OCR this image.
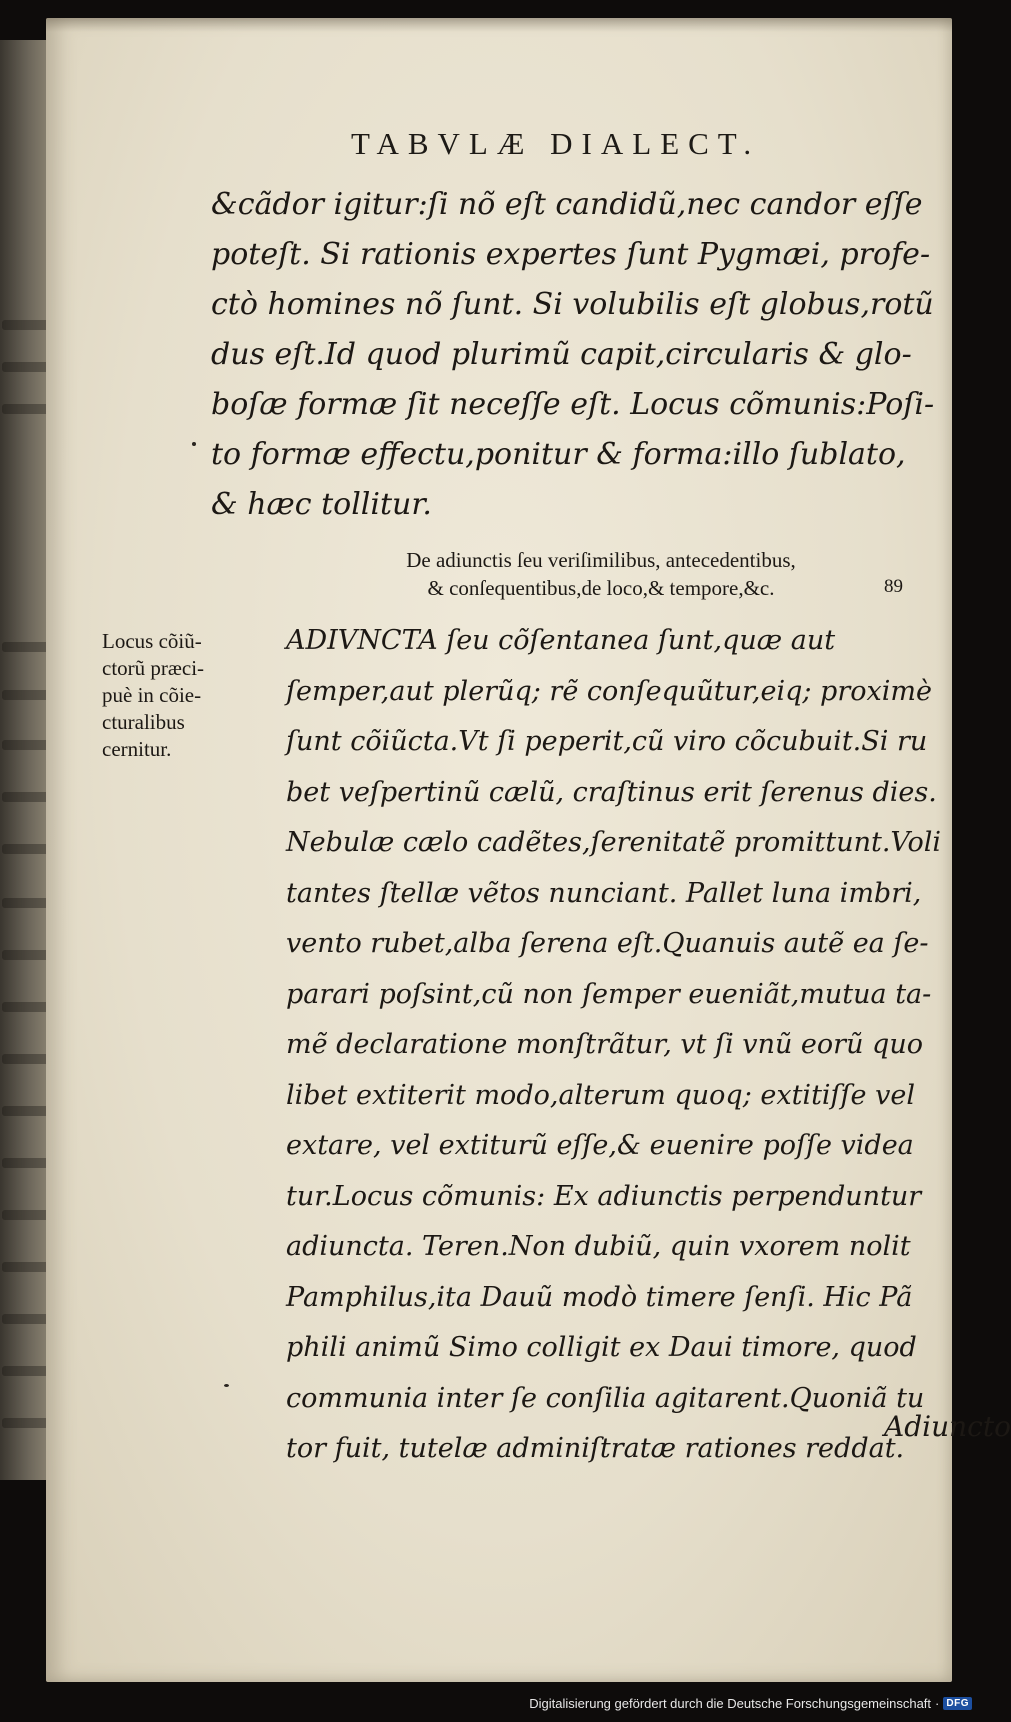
TABVLÆ DIALECT.
&cãdor igitur:ſi nõ eſt candidũ,nec candor eſſe
poteſt. Si rationis expertes ſunt Pygmæi, profe-
ctò homines nõ ſunt. Si volubilis eſt globus,rotũ
dus eſt.Id quod plurimũ capit,circularis & glo-
boſæ formæ ſit neceſſe eſt. Locus cõmunis:Poſi-
to formæ effectu,ponitur & forma:illo ſublato,
& hæc tollitur.
De adiunctis ſeu veriſimilibus, antecedentibus,
& conſequentibus,de loco,& tempore,&c.	89
Locus cõiũ-
ctorũ præci-
puè in cõie-
cturalibus
cernitur.
ADIVNCTA ſeu cõſentanea ſunt,quæ aut
ſemper,aut plerũq; rẽ conſequũtur,eiq; proximè
ſunt cõiũcta.Vt ſi peperit,cũ viro cõcubuit.Si ru
bet veſpertinũ cælũ, craſtinus erit ſerenus dies.
Nebulæ cælo cadẽtes,ſerenitatẽ promittunt.Voli
tantes ſtellæ vẽtos nunciant. Pallet luna imbri,
vento rubet,alba ſerena eſt.Quanuis autẽ ea ſe-
parari poſsint,cũ non ſemper eueniãt,mutua ta-
mẽ declaratione monſtrãtur, vt ſi vnũ eorũ quo
libet extiterit modo,alterum quoq; extitiſſe vel
extare, vel extiturũ eſſe,& euenire poſſe videa
tur.Locus cõmunis: Ex adiunctis perpenduntur
adiuncta. Teren.Non dubiũ, quin vxorem nolit
Pamphilus,ita Dauũ modò timere ſenſi. Hic Pã
phili animũ Simo colligit ex Daui timore, quod
communia inter ſe conſilia agitarent.Quoniã tu
tor fuit, tutelæ adminiſtratæ rationes reddat.
Adiuncto
Digitalisierung gefördert durch die Deutsche Forschungsgemeinschaft · DFG
